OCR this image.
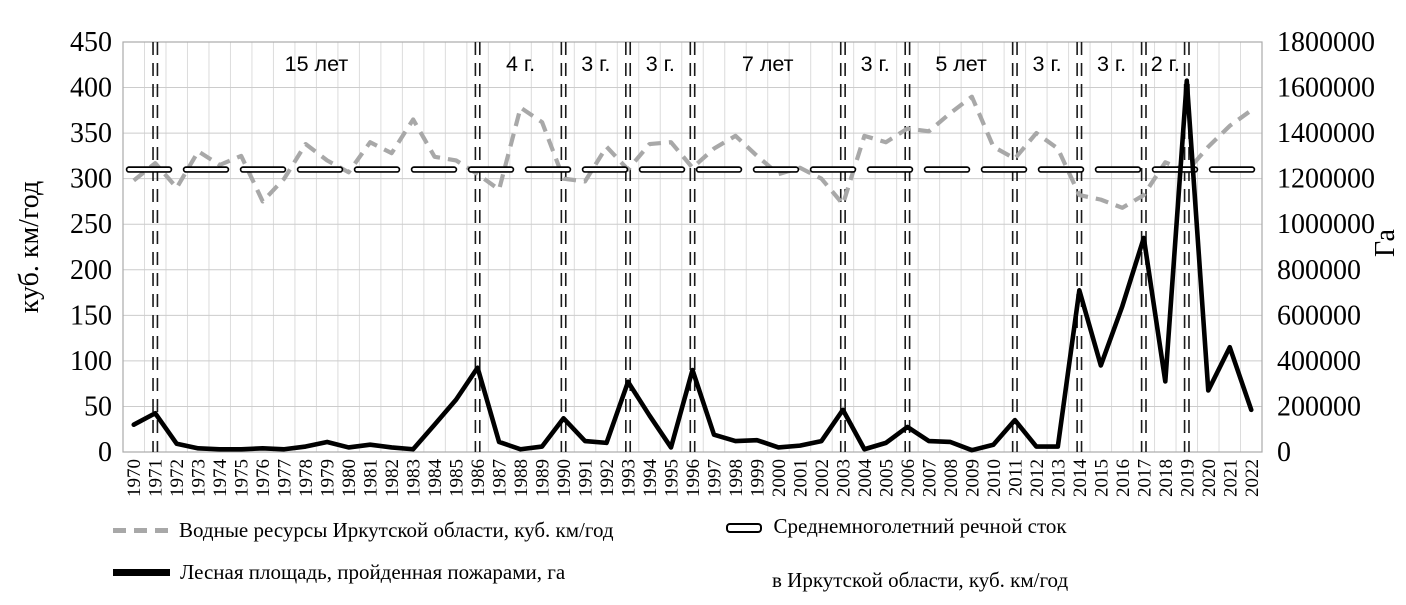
куб. км/год	Га
15 лет	4 г. 3 г. 3 г.	7 лет	3 г. 5 лет 3 г. 3 г. 2 г.
0
50
100
150
200
250
300
350
400
450
0
200000
400000
600000
800000
1000000
1200000
1400000
1600000
1800000
1970 1971 1972 1973 1974 1975 1976 1977 1978 1979 1980 1981 1982 1983 1984 1985 1986 1987 1988 1989 1990 1991 1992 1993 1994 1995 1996 1997 1998 1999 2000 2001 2002 2003 2004 2005 2006 2007 2008 2009 2010 2011 2012 2013 2014 2015 2016 2017 2018 2019 2020 2021 2022
Водные ресурсы Иркутской области, куб. км/год	Среднемноголетний речной сток

в Иркутской области, куб. км/год
Лесная площадь, пройденная пожарами, га
